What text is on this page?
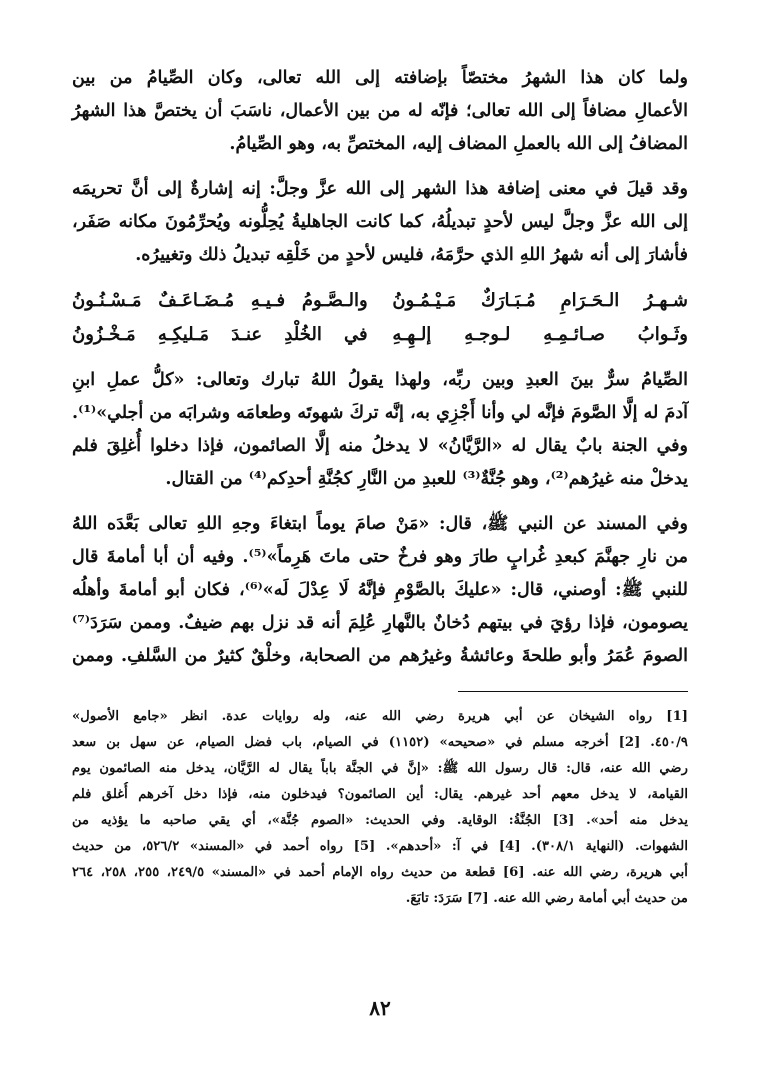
ولما كان هذا الشهرُ مختصّاً بإضافته إلى الله تعالى، وكان الصِّيامُ من بين
الأعمالِ مضافاً إلى الله تعالى؛ فإنّه له من بين الأعمال، ناسَبَ أن يختصَّ هذا الشهرُ
المضافُ إلى الله بالعملِ المضاف إليه، المختصِّ به، وهو الصِّيامُ.
وقد قيلَ في معنى إضافة هذا الشهر إلى الله عزَّ وجلَّ: إنه إشارةٌ إلى أنَّ تحريمَه
إلى الله عزَّ وجلَّ ليس لأحدٍ تبديلُهُ، كما كانت الجاهليةُ يُحِلُّونه ويُحرِّمُونَ مكانه صَفَر،
فأشارَ إلى أنه شهرُ اللهِ الذي حرَّمَهُ، فليس لأحدٍ من خَلْقِه تبديلُ ذلك وتغييرُه.
شـهـرُ الـحَـرَامِ مُـبَـارَكٌ مَـيْـمُـونُ
والـصَّـومُ فـيـهِ مُـضَـاعَـفٌ مَـسْـنُـونُ
وثَـوابُ صـائـمِـهِ لـوجـهِ إلـهِـهِ
في الخُلْدِ عنـدَ مَـليكِـهِ مَـخْـزُونُ
الصِّيامُ سرٌّ بينَ العبدِ وبين ربِّه، ولهذا يقولُ اللهُ تبارك وتعالى: «كلُّ عملِ ابنِ
آدمَ له إلَّا الصَّومَ فإنَّه لي وأنا أَجْزِي به، إنَّه تركَ شهوتَه وطعامَه وشرابَه من أجلي»⁽¹⁾.
وفي الجنة بابٌ يقال له «الرَّيَّانُ» لا يدخلُ منه إلَّا الصائمون، فإذا دخلوا أُغلِقَ فلم
يدخلْ منه غيرُهم⁽²⁾، وهو جُنَّةٌ⁽³⁾ للعبدِ من النَّارِ كجُنَّةِ أحدِكم⁽⁴⁾ من القتال.
وفي المسند عن النبي ﷺ، قال: «مَنْ صامَ يوماً ابتغاءَ وجهِ اللهِ تعالى بَعَّدَه اللهُ
من نارِ جهنَّمَ كبعدِ غُرابٍ طارَ وهو فرخٌ حتى ماتَ هَرِماً»⁽⁵⁾. وفيه أن أبا أمامةَ قال
للنبي ﷺ: أوصني، قال: «عليكَ بالصَّوْمِ فإنَّهُ لَا عِدْلَ لَه»⁽⁶⁾، فكان أبو أمامةَ وأهلُه
يصومون، فإذا رؤيَ في بيتهم دُخانٌ بالنَّهارِ عُلِمَ أنه قد نزل بهم ضيفٌ. وممن سَرَدَ⁽⁷⁾
الصومَ عُمَرُ وأبو طلحةَ وعائشةُ وغيرُهم من الصحابة، وخلْقٌ كثيرٌ من السَّلفِ. وممن
[1] رواه الشيخان عن أبي هريرة رضي الله عنه، وله روايات عدة. انظر «جامع الأصول»
٤٥٠/٩. [2] أخرجه مسلم في «صحيحه» (١١٥٢) في الصيام، باب فضل الصيام، عن سهل بن سعد
رضي الله عنه، قال: قال رسول الله ﷺ: «إنَّ في الجنَّة باباً يقال له الرَّيَّان، يدخل منه الصائمون يوم
القيامة، لا يدخل معهم أحد غيرهم. يقال: أين الصائمون؟ فيدخلون منه، فإذا دخل آخرهم أُغلق فلم
يدخل منه أحد». [3] الجُنَّةُ: الوقاية. وفي الحديث: «الصوم جُنَّة»، أي يقي صاحبه ما يؤذيه من
الشهوات. (النهاية ٣٠٨/١). [4] في آ: «أحدهم». [5] رواه أحمد في «المسند» ٥٢٦/٢، من حديث
أبي هريرة، رضي الله عنه. [6] قطعة من حديث رواه الإمام أحمد في «المسند» ٢٤٩/٥، ٢٥٥، ٢٥٨، ٢٦٤
من حديث أبي أمامة رضي الله عنه. [7] سَرَدَ: تابَعَ.
٨٢
